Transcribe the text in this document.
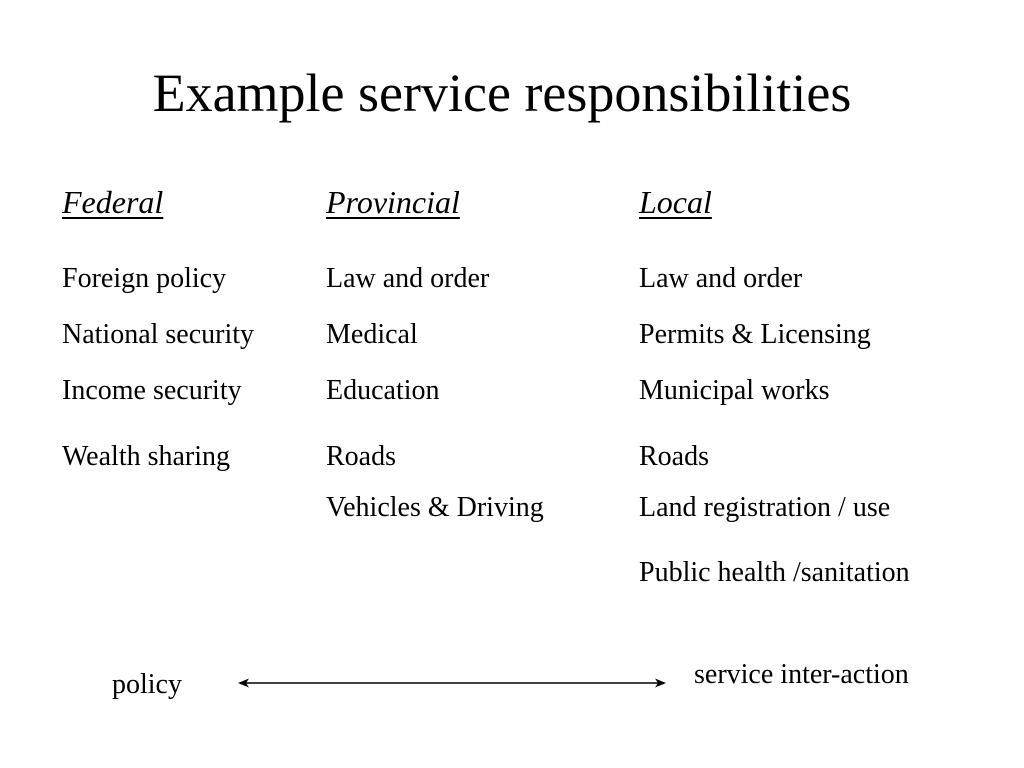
Example service responsibilities
Federal
Foreign policy
National security
Income security
Wealth sharing
Provincial
Law and order
Medical
Education
Roads
Vehicles & Driving
Local
Law and order
Permits & Licensing
Municipal works
Roads
Land registration / use
Public health /sanitation
policy	service inter-action
